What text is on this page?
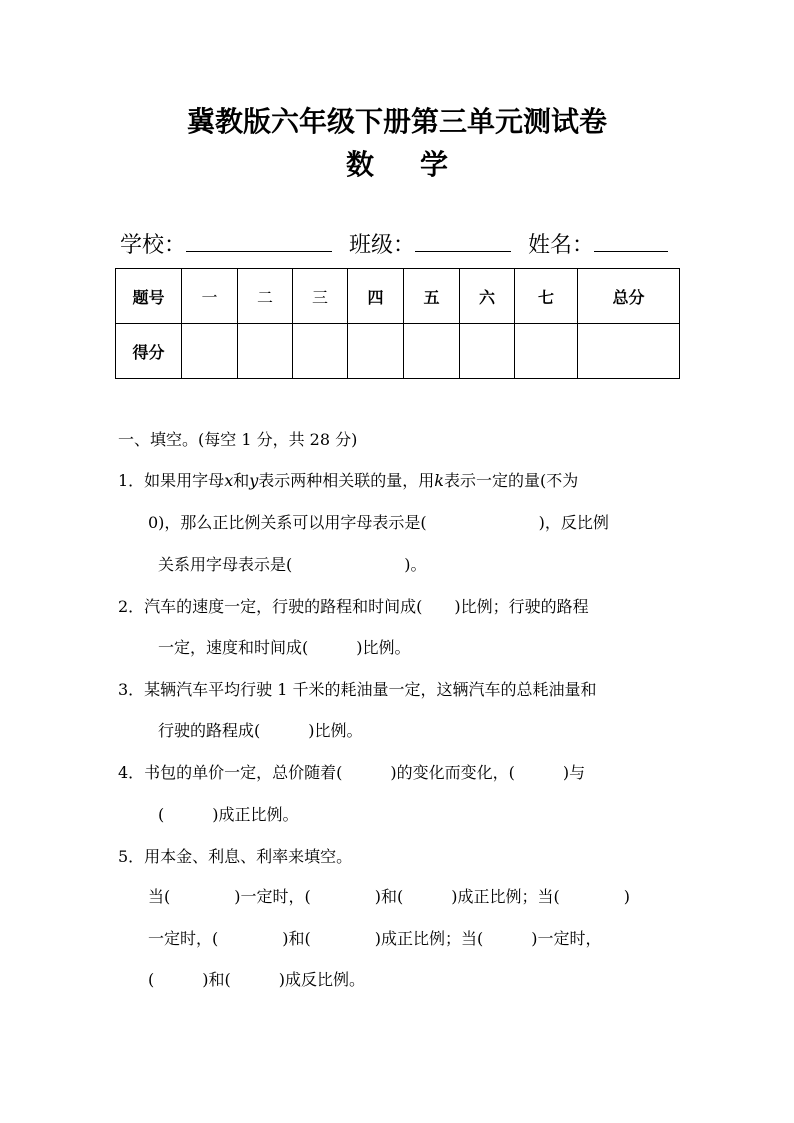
冀教版六年级下册第三单元测试卷
数 学
学校：	班级：	姓名：
题号	一	二	三	四	五	六	七	总分
得分								
一、填空。(每空 1 分，共 28 分)
1．如果用字母x和y表示两种相关联的量，用k表示一定的量(不为
0)，那么正比例关系可以用字母表示是(　　　　　　　)，反比例
关系用字母表示是(　　　　　　　)。
2．汽车的速度一定，行驶的路程和时间成(　　)比例；行驶的路程
一定，速度和时间成(　　　)比例。
3．某辆汽车平均行驶 1 千米的耗油量一定，这辆汽车的总耗油量和
行驶的路程成(　　　)比例。
4．书包的单价一定，总价随着(　　　)的变化而变化，(　　　)与
(　　　)成正比例。
5．用本金、利息、利率来填空。
当(　　　　)一定时，(　　　　)和(　　　)成正比例；当(　　　　)
一定时，(　　　　)和(　　　　)成正比例；当(　　　)一定时，
(　　　)和(　　　)成反比例。
